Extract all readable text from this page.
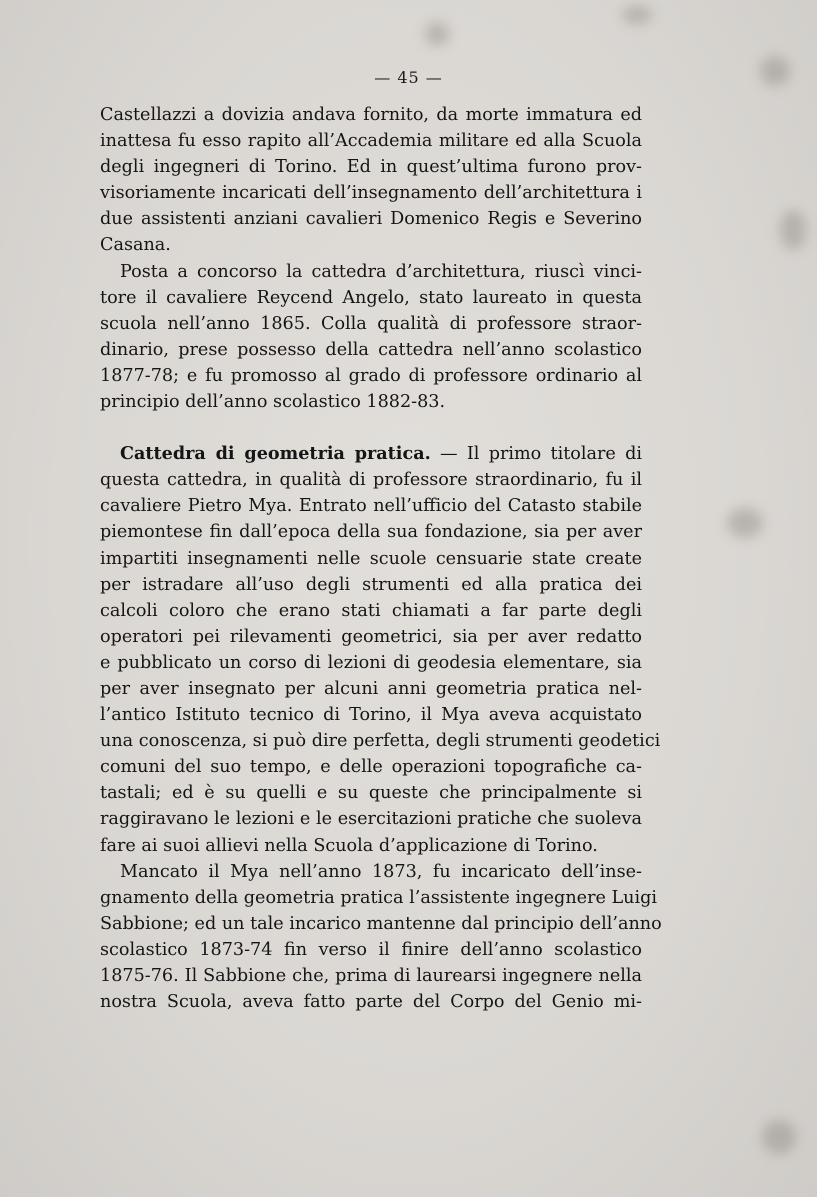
— 45 —
Castellazzi a dovizia andava fornito, da morte immatura ed
inattesa fu esso rapito all’Accademia militare ed alla Scuola
degli ingegneri di Torino. Ed in quest’ultima furono prov-
visoriamente incaricati dell’insegnamento dell’architettura i
due assistenti anziani cavalieri Domenico Regis e Severino
Casana.
Posta a concorso la cattedra d’architettura, riuscì vinci-
tore il cavaliere Reycend Angelo, stato laureato in questa
scuola nell’anno 1865. Colla qualità di professore straor-
dinario, prese possesso della cattedra nell’anno scolastico
1877-78; e fu promosso al grado di professore ordinario al
principio dell’anno scolastico 1882-83.
Cattedra di geometria pratica. — Il primo titolare di
questa cattedra, in qualità di professore straordinario, fu il
cavaliere Pietro Mya. Entrato nell’ufficio del Catasto stabile
piemontese fin dall’epoca della sua fondazione, sia per aver
impartiti insegnamenti nelle scuole censuarie state create
per istradare all’uso degli strumenti ed alla pratica dei
calcoli coloro che erano stati chiamati a far parte degli
operatori pei rilevamenti geometrici, sia per aver redatto
e pubblicato un corso di lezioni di geodesia elementare, sia
per aver insegnato per alcuni anni geometria pratica nel-
l’antico Istituto tecnico di Torino, il Mya aveva acquistato
una conoscenza, si può dire perfetta, degli strumenti geodetici
comuni del suo tempo, e delle operazioni topografiche ca-
tastali; ed è su quelli e su queste che principalmente si
raggiravano le lezioni e le esercitazioni pratiche che suoleva
fare ai suoi allievi nella Scuola d’applicazione di Torino.
Mancato il Mya nell’anno 1873, fu incaricato dell’inse-
gnamento della geometria pratica l’assistente ingegnere Luigi
Sabbione; ed un tale incarico mantenne dal principio dell’anno
scolastico 1873-74 fin verso il finire dell’anno scolastico
1875-76. Il Sabbione che, prima di laurearsi ingegnere nella
nostra Scuola, aveva fatto parte del Corpo del Genio mi-
